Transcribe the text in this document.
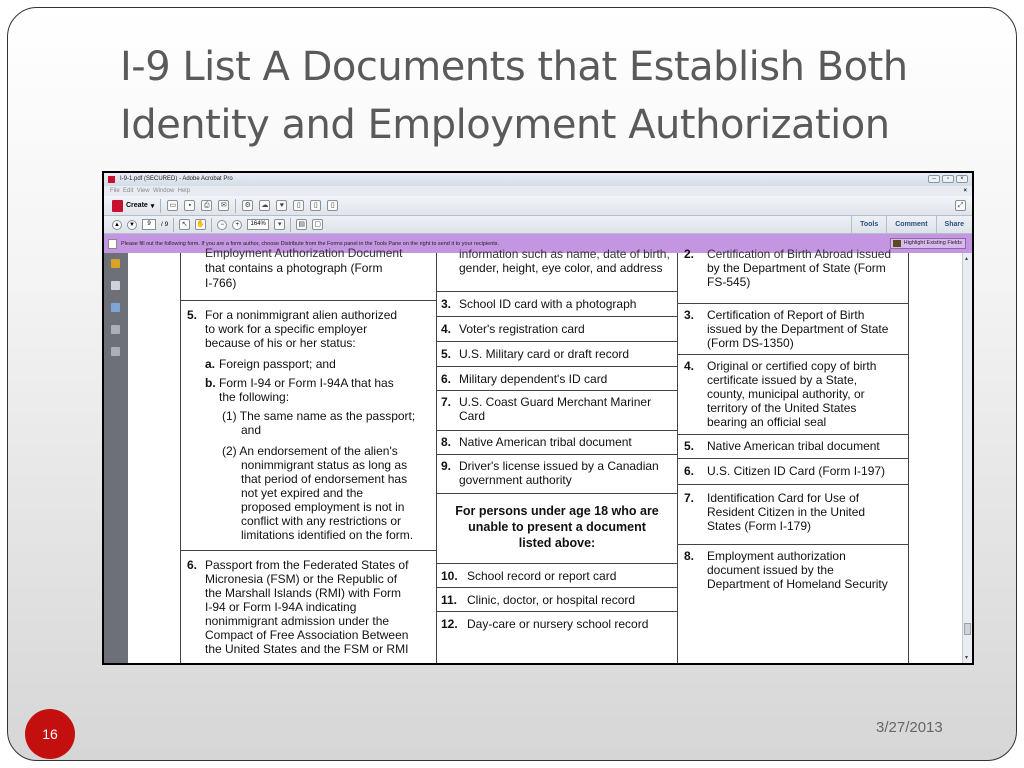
I-9 List A Documents that Establish Both Identity and Employment Authorization
16	3/27/2013
I-9-1.pdf (SECURED) - Adobe Acrobat Pro	–	▫	×
File Edit View Window Help	×
Create ▾	▭	▪	⎙	✉	⚙	☁	♥	▯	▯	▯	⤢
▲	▼	9	/ 9	↖	✋	−	+	164%	▾	▤	▢	Tools	Comment	Share
Please fill out the following form. If you are a form author, choose Distribute from the Forms panel in the Tools Pane on the right to send it to your recipients.	Highlight Existing Fields
Employment Authorization Document
that contains a photograph (Form
I-766)
5. For a nonimmigrant alien authorized
to work for a specific employer
because of his or her status:
a. Foreign passport; and
b. Form I-94 or Form I-94A that has
the following:
(1) The same name as the passport;
and
(2) An endorsement of the alien's
nonimmigrant status as long as
that period of endorsement has
not yet expired and the
proposed employment is not in
conflict with any restrictions or
limitations identified on the form.
6. Passport from the Federated States of
Micronesia (FSM) or the Republic of
the Marshall Islands (RMI) with Form
I-94 or Form I-94A indicating
nonimmigrant admission under the
Compact of Free Association Between
the United States and the FSM or RMI
information such as name, date of birth,
gender, height, eye color, and address
3. School ID card with a photograph
4. Voter's registration card
5. U.S. Military card or draft record
6. Military dependent's ID card
7. U.S. Coast Guard Merchant Mariner
Card
8. Native American tribal document
9. Driver's license issued by a Canadian
government authority
For persons under age 18 who are
unable to present a document
listed above:
10. School record or report card
11. Clinic, doctor, or hospital record
12. Day-care or nursery school record
2. Certification of Birth Abroad issued
by the Department of State (Form
FS-545)
3. Certification of Report of Birth
issued by the Department of State
(Form DS-1350)
4. Original or certified copy of birth
certificate issued by a State,
county, municipal authority, or
territory of the United States
bearing an official seal
5. Native American tribal document
6. U.S. Citizen ID Card (Form I-197)
7. Identification Card for Use of
Resident Citizen in the United
States (Form I-179)
8. Employment authorization
document issued by the
Department of Homeland Security
▴
▾
